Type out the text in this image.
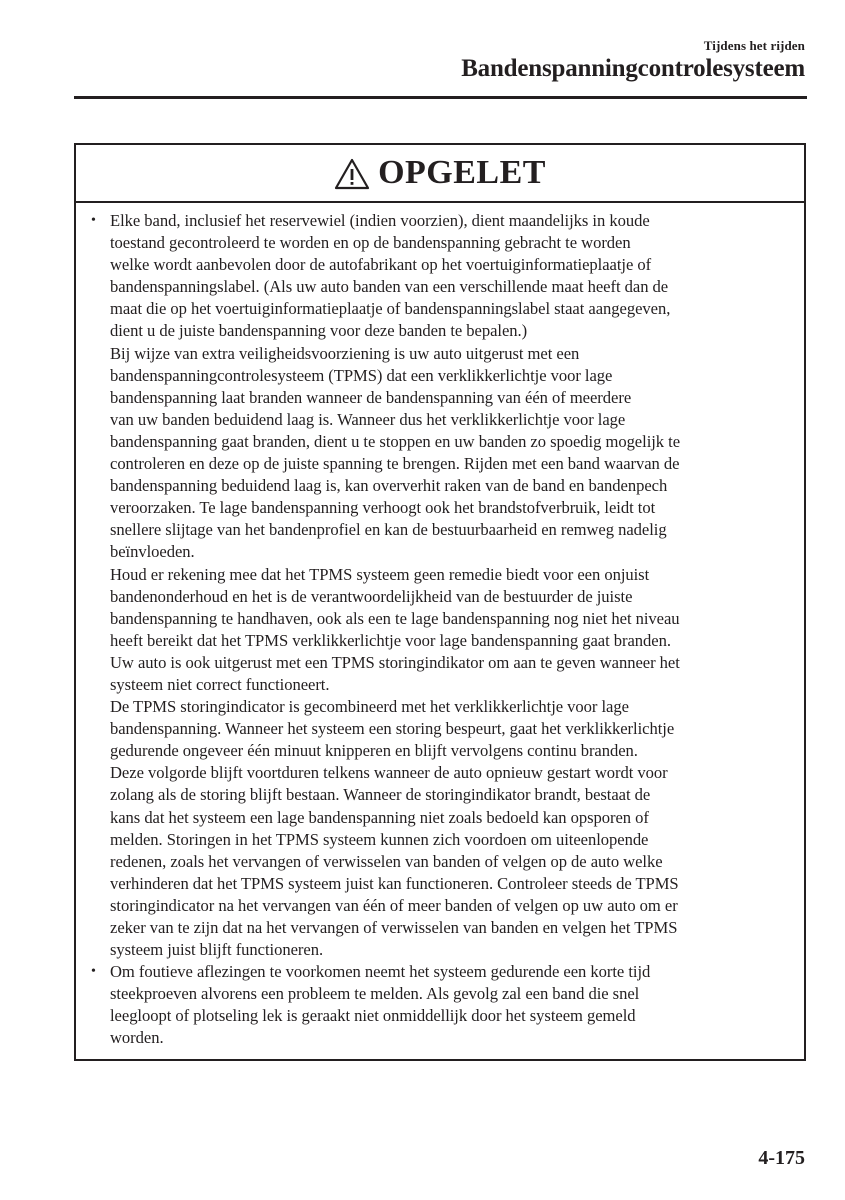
Tijdens het rijden
Bandenspanningcontrolesysteem
OPGELET
• Elke band, inclusief het reservewiel (indien voorzien), dient maandelijks in koude
toestand gecontroleerd te worden en op de bandenspanning gebracht te worden
welke wordt aanbevolen door de autofabrikant op het voertuiginformatieplaatje of
bandenspanningslabel. (Als uw auto banden van een verschillende maat heeft dan de
maat die op het voertuiginformatieplaatje of bandenspanningslabel staat aangegeven,
dient u de juiste bandenspanning voor deze banden te bepalen.)
Bij wijze van extra veiligheidsvoorziening is uw auto uitgerust met een
bandenspanningcontrolesysteem (TPMS) dat een verklikkerlichtje voor lage
bandenspanning laat branden wanneer de bandenspanning van één of meerdere
van uw banden beduidend laag is. Wanneer dus het verklikkerlichtje voor lage
bandenspanning gaat branden, dient u te stoppen en uw banden zo spoedig mogelijk te
controleren en deze op de juiste spanning te brengen. Rijden met een band waarvan de
bandenspanning beduidend laag is, kan oververhit raken van de band en bandenpech
veroorzaken. Te lage bandenspanning verhoogt ook het brandstofverbruik, leidt tot
snellere slijtage van het bandenprofiel en kan de bestuurbaarheid en remweg nadelig
beïnvloeden.
Houd er rekening mee dat het TPMS systeem geen remedie biedt voor een onjuist
bandenonderhoud en het is de verantwoordelijkheid van de bestuurder de juiste
bandenspanning te handhaven, ook als een te lage bandenspanning nog niet het niveau
heeft bereikt dat het TPMS verklikkerlichtje voor lage bandenspanning gaat branden.
Uw auto is ook uitgerust met een TPMS storingindikator om aan te geven wanneer het
systeem niet correct functioneert.
De TPMS storingindicator is gecombineerd met het verklikkerlichtje voor lage
bandenspanning. Wanneer het systeem een storing bespeurt, gaat het verklikkerlichtje
gedurende ongeveer één minuut knipperen en blijft vervolgens continu branden.
Deze volgorde blijft voortduren telkens wanneer de auto opnieuw gestart wordt voor
zolang als de storing blijft bestaan. Wanneer de storingindikator brandt, bestaat de
kans dat het systeem een lage bandenspanning niet zoals bedoeld kan opsporen of
melden. Storingen in het TPMS systeem kunnen zich voordoen om uiteenlopende
redenen, zoals het vervangen of verwisselen van banden of velgen op de auto welke
verhinderen dat het TPMS systeem juist kan functioneren. Controleer steeds de TPMS
storingindicator na het vervangen van één of meer banden of velgen op uw auto om er
zeker van te zijn dat na het vervangen of verwisselen van banden en velgen het TPMS
systeem juist blijft functioneren.
• Om foutieve aflezingen te voorkomen neemt het systeem gedurende een korte tijd
steekproeven alvorens een probleem te melden. Als gevolg zal een band die snel
leegloopt of plotseling lek is geraakt niet onmiddellijk door het systeem gemeld
worden.
4-175
